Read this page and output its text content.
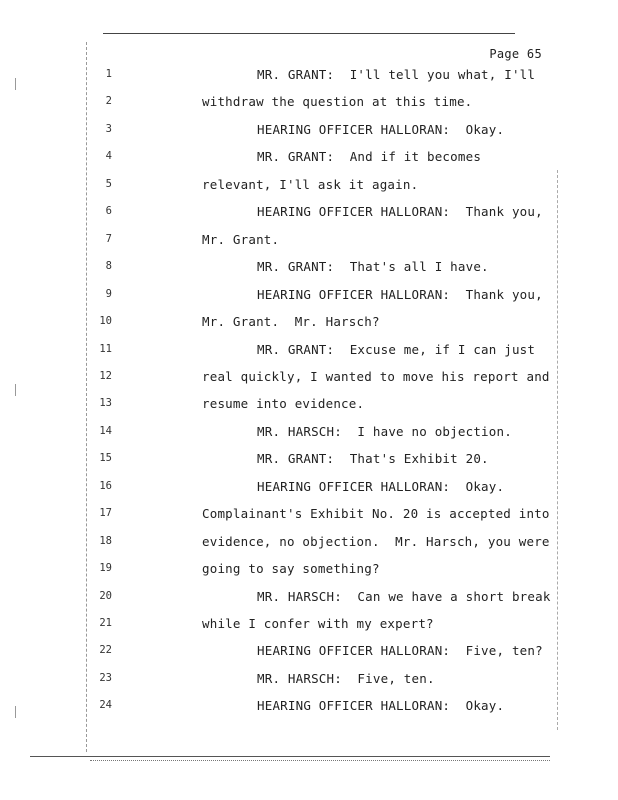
Page 65
1	MR. GRANT:  I'll tell you what, I'll
2	withdraw the question at this time.
3	HEARING OFFICER HALLORAN:  Okay.
4	MR. GRANT:  And if it becomes
5	relevant, I'll ask it again.
6	HEARING OFFICER HALLORAN:  Thank you,
7	Mr. Grant.
8	MR. GRANT:  That's all I have.
9	HEARING OFFICER HALLORAN:  Thank you,
10	Mr. Grant.  Mr. Harsch?
11	MR. GRANT:  Excuse me, if I can just
12	real quickly, I wanted to move his report and
13	resume into evidence.
14	MR. HARSCH:  I have no objection.
15	MR. GRANT:  That's Exhibit 20.
16	HEARING OFFICER HALLORAN:  Okay.
17	Complainant's Exhibit No. 20 is accepted into
18	evidence, no objection.  Mr. Harsch, you were
19	going to say something?
20	MR. HARSCH:  Can we have a short break
21	while I confer with my expert?
22	HEARING OFFICER HALLORAN:  Five, ten?
23	MR. HARSCH:  Five, ten.
24	HEARING OFFICER HALLORAN:  Okay.
